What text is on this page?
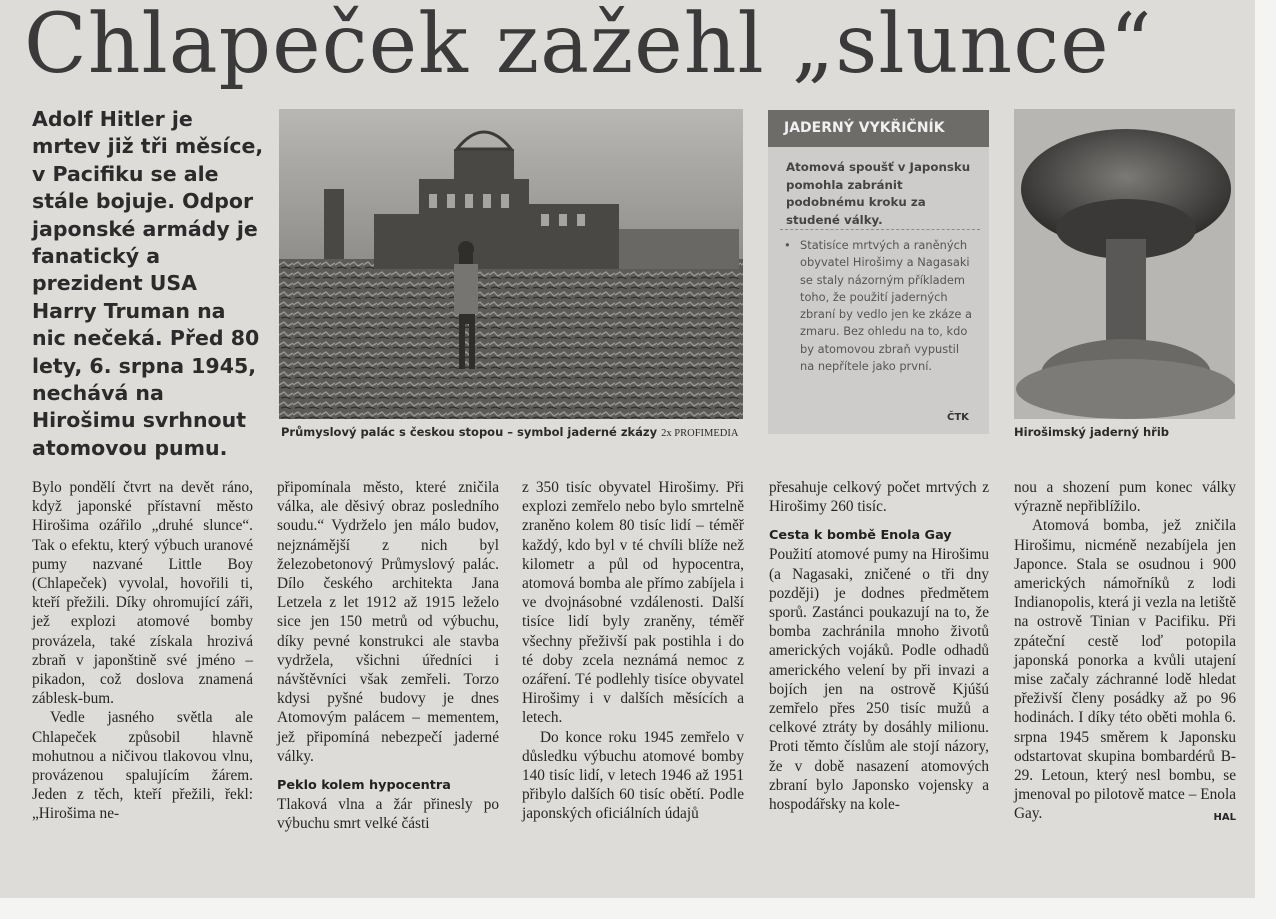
Chlapeček zažehl „slunce“
Adolf Hitler je mrtev již tři měsíce, v Pacifiku se ale stále bojuje. Odpor japonské armády je fanatický a prezident USA Harry Truman na nic nečeká. Před 80 lety, 6. srpna 1945, nechává na Hirošimu svrhnout atomovou pumu.
Průmyslový palác s českou stopou – symbol jaderné zkázy 2x PROFIMEDIA
JADERNÝ VYKŘIČNÍK
Atomová spoušť v Japonsku pomohla zabránit podobnému kroku za studené války.
• Statisíce mrtvých a raněných obyvatel Hirošimy a Nagasaki se staly názorným příkladem toho, že použití jaderných zbraní by vedlo jen ke zkáze a zmaru. Bez ohledu na to, kdo by atomovou zbraň vypustil na nepřítele jako první.
ČTK
Hirošimský jaderný hřib

Bylo pondělí čtvrt na devět ráno, když japonské přístavní město Hirošima ozářilo „druhé slunce“. Tak o efektu, který výbuch uranové pumy nazvané Little Boy (Chlapeček) vyvolal, hovořili ti, kteří přežili. Díky ohromující záři, jež explozi atomové bomby provázela, také získala hrozivá zbraň v japonštině své jméno – pikadon, což doslova znamená záblesk-bum.

Vedle jasného světla ale Chlapeček způsobil hlavně mohutnou a ničivou tlakovou vlnu, provázenou spalujícím žárem. Jeden z těch, kteří přežili, řekl: „Hirošima ne-

připomínala město, které zničila válka, ale děsivý obraz posledního soudu.“ Vydrželo jen málo budov, nejznámější z nich byl železobetonový Průmyslový palác. Dílo českého architekta Jana Letzela z let 1912 až 1915 leželo sice jen 150 metrů od výbuchu, díky pevné konstrukci ale stavba vydržela, všichni úředníci i návštěvníci však zemřeli. Torzo kdysi pyšné budovy je dnes Atomovým palácem – mementem, jež připomíná nebezpečí jaderné války.

Peklo kolem hypocentra

Tlaková vlna a žár přinesly po výbuchu smrt velké části

z 350 tisíc obyvatel Hirošimy. Při explozi zemřelo nebo bylo smrtelně zraněno kolem 80 tisíc lidí – téměř každý, kdo byl v té chvíli blíže než kilometr a půl od hypocentra, atomová bomba ale přímo zabíjela i ve dvojnásobné vzdálenosti. Další tisíce lidí byly zraněny, téměř všechny přeživší pak postihla i do té doby zcela neznámá nemoc z ozáření. Té podlehly tisíce obyvatel Hirošimy i v dalších měsících a letech.

Do konce roku 1945 zemřelo v důsledku výbuchu atomové bomby 140 tisíc lidí, v letech 1946 až 1951 přibylo dalších 60 tisíc obětí. Podle japonských oficiálních údajů

přesahuje celkový počet mrtvých z Hirošimy 260 tisíc.

Cesta k bombě Enola Gay

Použití atomové pumy na Hirošimu (a Nagasaki, zničené o tři dny později) je dodnes předmětem sporů. Zastánci poukazují na to, že bomba zachránila mnoho životů amerických vojáků. Podle odhadů amerického velení by při invazi a bojích jen na ostrově Kjúšú zemřelo přes 250 tisíc mužů a celkové ztráty by dosáhly milionu. Proti těmto číslům ale stojí názory, že v době nasazení atomových zbraní bylo Japonsko vojensky a hospodářsky na kole-

nou a shození pum konec války výrazně nepřiblížilo.

Atomová bomba, jež zničila Hirošimu, nicméně nezabíjela jen Japonce. Stala se osudnou i 900 amerických námořníků z lodi Indianopolis, která ji vezla na letiště na ostrově Tinian v Pacifiku. Při zpáteční cestě loď potopila japonská ponorka a kvůli utajení mise začaly záchranné lodě hledat přeživší členy posádky až po 96 hodinách. I díky této oběti mohla 6. srpna 1945 směrem k Japonsku odstartovat skupina bombardérů B-29. Letoun, který nesl bombu, se jmenoval po pilotově matce – Enola Gay.	HAL
